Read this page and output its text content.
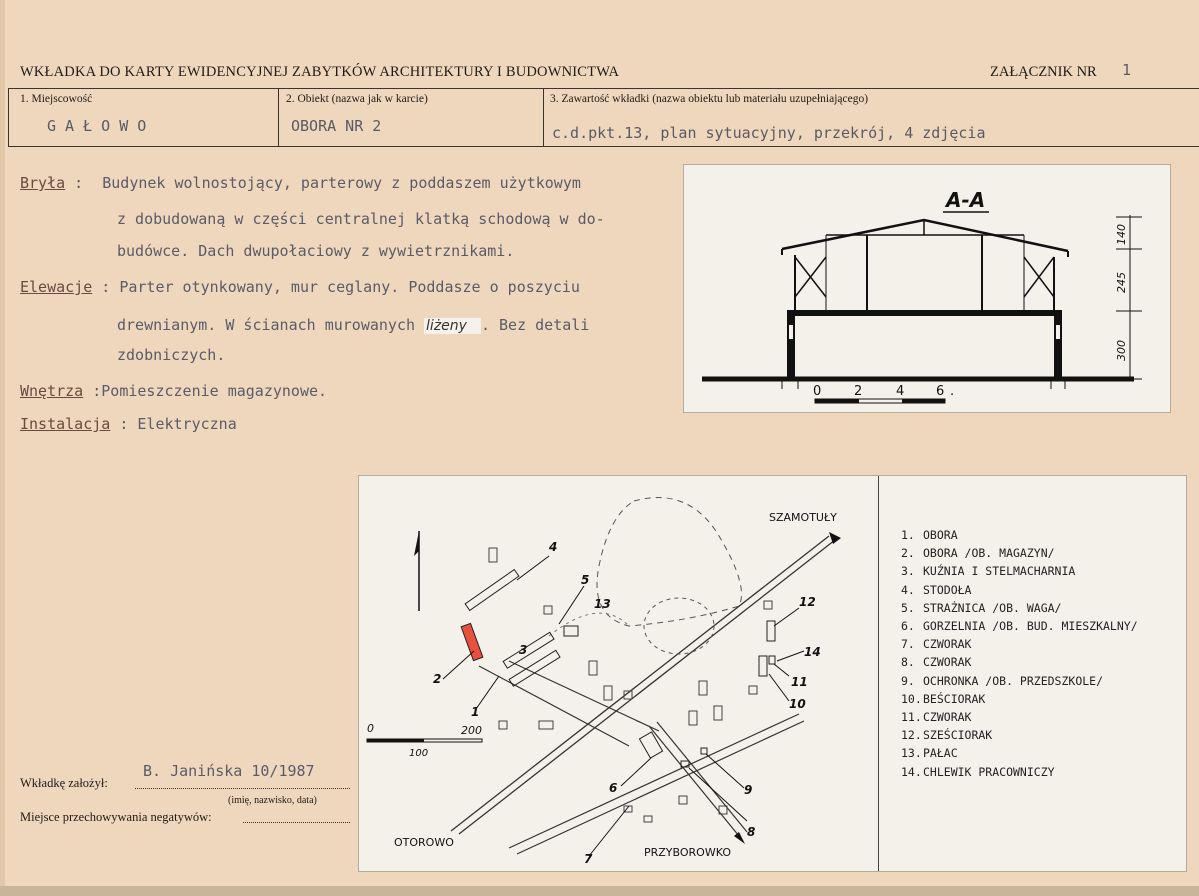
WKŁADKA DO KARTY EWIDENCYJNEJ ZABYTKÓW ARCHITEKTURY I BUDOWNICTWA	ZAŁĄCZNIK NR 1
1. Miejscowość
G A Ł O W O
2. Obiekt (nazwa jak w karcie)
OBORA NR 2
3. Zawartość wkładki (nazwa obiektu lub materiału uzupełniającego)
c.d.pkt.13, plan sytuacyjny, przekrój, 4 zdjęcia
Bryła : Budynek wolnostojący, parterowy z poddaszem użytkowym
z dobudowaną w części centralnej klatką schodową w do-
budówce. Dach dwupołaciowy z wywietrznikami.
Elewacje : Parter otynkowany, mur ceglany. Poddasze o poszyciu
drewnianym. W ścianach murowanych liżeny . Bez detali
zdobniczych.
Wnętrza :Pomieszczenie magazynowe.
Instalacja : Elektryczna
A-A
140
245
300
0	2	4 6 .
SZAMOTUŁY
OTOROWO
PRZYBOROWKO
1
2
3
4
5
6
7
8
9
10
11
12
13
14
0	200
100
1. OBORA
2. OBORA /OB. MAGAZYN/
3. KUŹNIA I STELMACHARNIA
4. STODOŁA
5. STRAŻNICA /OB. WAGA/
6. GORZELNIA /OB. BUD. MIESZKALNY/
7. CZWORAK
8. CZWORAK
9. OCHRONKA /OB. PRZEDSZKOLE/
10.BEŚCIORAK
11.CZWORAK
12.SZEŚCIORAK
13.PAŁAC
14.CHLEWIK PRACOWNICZY
Wkładkę założył:
B. Janińska 10/1987
(imię, nazwisko, data)
Miejsce przechowywania negatywów:
